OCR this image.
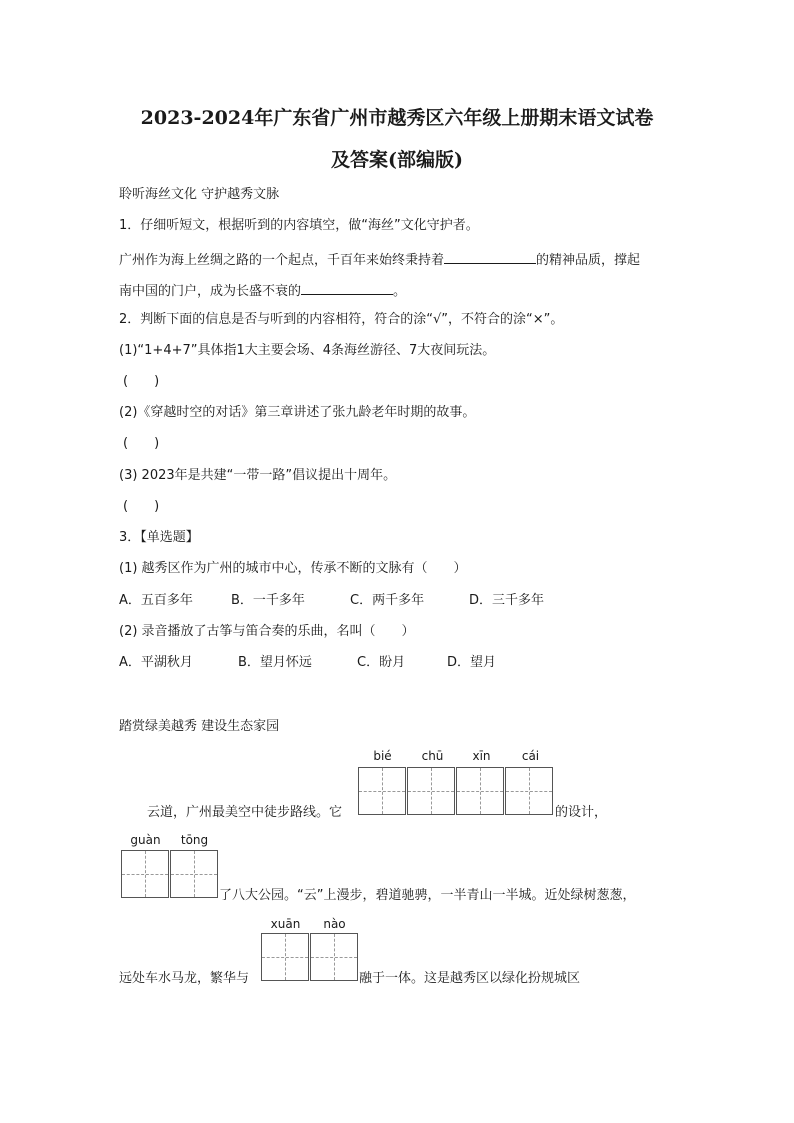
2023-2024年广东省广州市越秀区六年级上册期末语文试卷
及答案(部编版)
聆听海丝文化 守护越秀文脉
1．仔细听短文，根据听到的内容填空，做“海丝”文化守护者。
广州作为海上丝绸之路的一个起点，千百年来始终秉持着	的精神品质，撑起
南中国的门户，成为长盛不衰的	。
2．判断下面的信息是否与听到的内容相符，符合的涂“√”，不符合的涂“×”。
(1)“1+4+7”具体指1大主要会场、4条海丝游径、7大夜间玩法。
(　　)
(2)《穿越时空的对话》第三章讲述了张九龄老年时期的故事。
(　　)
(3) 2023年是共建“一带一路”倡议提出十周年。
(　　)
3．【单选题】
(1) 越秀区作为广州的城市中心，传承不断的文脉有（　　）
A．五百多年	B．一千多年	C．两千多年	D．三千多年
(2) 录音播放了古筝与笛合奏的乐曲，名叫（　　）
A．平湖秋月	B．望月怀远	C．盼月	D．望月
踏赏绿美越秀 建设生态家园
bié	chū	xīn	cái
云道，广州最美空中徒步路线。它	的设计，
guàn	tōng
了八大公园。“云”上漫步，碧道驰骋，一半青山一半城。近处绿树葱葱，
xuān	nào
远处车水马龙，繁华与	融于一体。这是越秀区以绿化扮规城区
